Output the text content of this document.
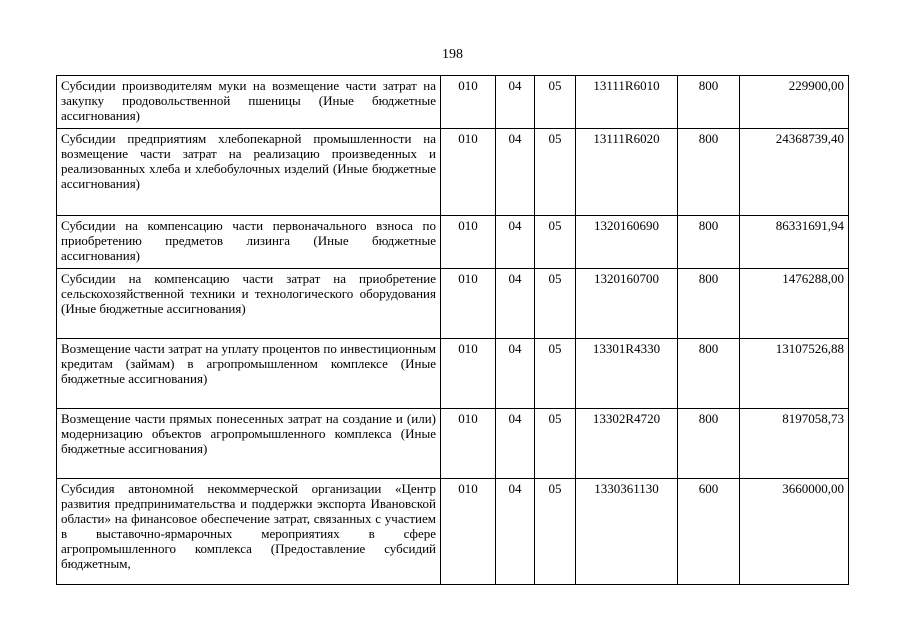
198
Субсидии производителям муки на возмещение части затрат на закупку продовольственной пшеницы (Иные бюджетные ассигнования)	010	04	05	13111R6010	800	229900,00
Субсидии предприятиям хлебопекарной промышленности на возмещение части затрат на реализацию произведенных и реализованных хлеба и хлебобулочных изделий (Иные бюджетные ассигнования)	010	04	05	13111R6020	800	24368739,40
Субсидии на компенсацию части первоначального взноса по приобретению предметов лизинга (Иные бюджетные ассигнования)	010	04	05	1320160690	800	86331691,94
Субсидии на компенсацию части затрат на приобретение сельскохозяйственной техники и технологического оборудования (Иные бюджетные ассигнования)	010	04	05	1320160700	800	1476288,00
Возмещение части затрат на уплату процентов по инвестиционным кредитам (займам) в агропромышленном комплексе (Иные бюджетные ассигнования)	010	04	05	13301R4330	800	13107526,88
Возмещение части прямых понесенных затрат на создание и (или) модернизацию объектов агропромышленного комплекса (Иные бюджетные ассигнования)	010	04	05	13302R4720	800	8197058,73
Субсидия автономной некоммерческой организации «Центр развития предпринимательства и поддержки экспорта Ивановской области» на финансовое обеспечение затрат, связанных с участием в выставочно-ярмарочных мероприятиях в сфере агропромышленного комплекса (Предоставление субсидий бюджетным,	010	04	05	1330361130	600	3660000,00
